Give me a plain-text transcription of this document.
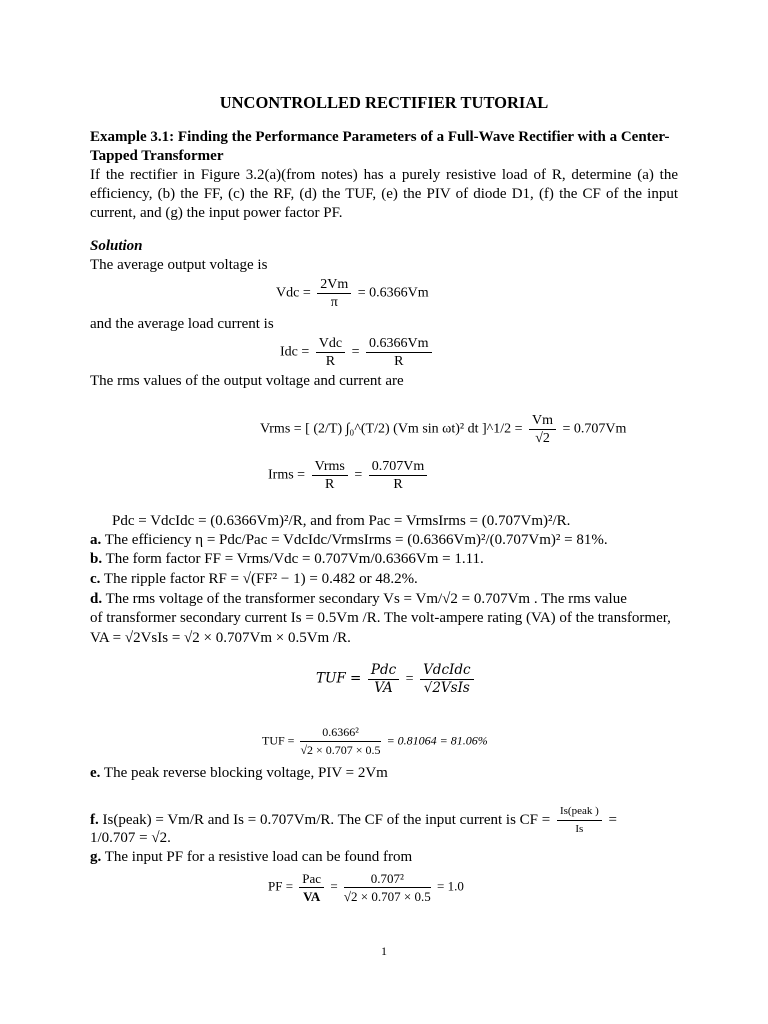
UNCONTROLLED RECTIFIER TUTORIAL
Example 3.1: Finding the Performance Parameters of a Full-Wave Rectifier with a Center-Tapped Transformer
If the rectifier in Figure 3.2(a)(from notes) has a purely resistive load of R, determine (a) the efficiency, (b) the FF, (c) the RF, (d) the TUF, (e) the PIV of diode D1, (f) the CF of the input current, and (g) the input power factor PF.
Solution
The average output voltage is
Vdc = $\frac{2Vm}{\pi} = 0.6366Vm$
and the average load current is
Idc = $\frac{\text{Vdc}}{R} = \frac{0.6366Vm}{R}$
The rms values of the output voltage and current are
Vrms = [ (2/T) ∫₀^(T/2) (Vm sin ωt)² dt ]^1/2 = $\frac{Vm}{√2} = 0.707Vm$
Irms = $\frac{\text{Vrms}}{R} = \frac{0.707Vm}{R}$
Pdc = VdcIdc = (0.6366Vm)²/R, and from Pac = VrmsIrms = (0.707Vm)²/R.
a. The efficiency η = Pdc/Pac = VdcIdc/VrmsIrms = (0.6366Vm)²/(0.707Vm)² = 81%.
b. The form factor FF = Vrms/Vdc = 0.707Vm/0.6366Vm = 1.11.
c. The ripple factor RF = √(FF² − 1) = 0.482 or 48.2%.
d. The rms voltage of the transformer secondary Vs = Vm/√2 = 0.707Vm . The rms value
of transformer secondary current Is = 0.5Vm /R. The volt-ampere rating (VA) of the transformer,
VA = √2VsIs = √2 × 0.707Vm × 0.5Vm /R.
TUF = $\frac{\text{Pdc}}{VA} = \frac{\text{VdcIdc}}{\text{√2VsIs}}$
TUF = $\frac{\text{0.6366²}}{√2 \times 0.707 \times 0.5} = 0.81064 = 81.06\%$
e. The peak reverse blocking voltage, PIV = 2Vm
f. Is(peak) = Vm/R and Is = 0.707Vm/R. The CF of the input current is CF = $\frac{\text{Is(peak )}}{Is}$ =
1/0.707 = √2.
g. The input PF for a resistive load can be found from
PF = $\frac{\text{Pac}}{VA} = \frac{\text{0.707²}}{√2 \times 0.707 \times 0.5} = 1.0$
1
